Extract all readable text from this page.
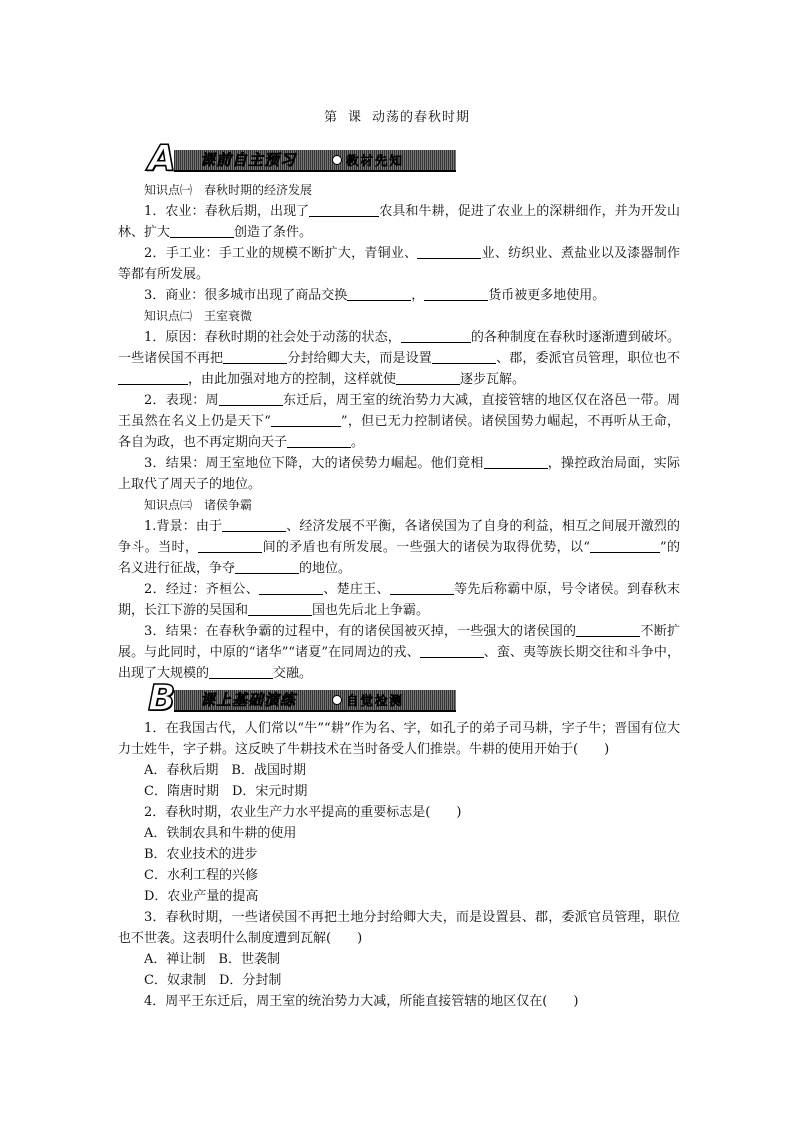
第 课 动荡的春秋时期
A	课前自主预习	教材先知

知识点㈠　春秋时期的经济发展

1．农业：春秋后期，出现了	农具和牛耕，促进了农业上的深耕细作，并为开发山林、扩大	创造了条件。

2．手工业：手工业的规模不断扩大，青铜业、	业、纺织业、煮盐业以及漆器制作等都有所发展。

3．商业：很多城市出现了商品交换	，	货币被更多地使用。

知识点㈡　王室衰微

1．原因：春秋时期的社会处于动荡的状态，	的各种制度在春秋时逐渐遭到破坏。一些诸侯国不再把	分封给卿大夫，而是设置	、郡，委派官员管理，职位也不，由此加强对地方的控制，这样就使	逐步瓦解。

2．表现：周	东迁后，周王室的统治势力大减，直接管辖的地区仅在洛邑一带。周王虽然在名义上仍是天下“	”，但已无力控制诸侯。诸侯国势力崛起，不再听从王命，各自为政，也不再定期向天子	。

3．结果：周王室地位下降，大的诸侯势力崛起。他们竟相	，操控政治局面，实际上取代了周天子的地位。

知识点㈢　诸侯争霸

1.背景：由于	、经济发展不平衡，各诸侯国为了自身的利益，相互之间展开激烈的争斗。当时，	间的矛盾也有所发展。一些强大的诸侯为取得优势，以“	”的名义进行征战，争夺	的地位。

2．经过：齐桓公、	、楚庄王、	等先后称霸中原，号令诸侯。到春秋末期，长江下游的吴国和	国也先后北上争霸。

3．结果：在春秋争霸的过程中，有的诸侯国被灭掉，一些强大的诸侯国的	不断扩展。与此同时，中原的“诸华”“诸夏”在同周边的戎、	、蛮、夷等族长期交往和斗争中，出现了大规模的	交融。

B	课上基础演练	自觉检测

1．在我国古代，人们常以“牛”“耕”作为名、字，如孔子的弟子司马耕，字子牛；晋国有位大力士姓牛，字子耕。这反映了牛耕技术在当时备受人们推崇。牛耕的使用开始于(　　)

A．春秋后期　B．战国时期

C．隋唐时期　D．宋元时期

2．春秋时期，农业生产力水平提高的重要标志是(　　)

A．铁制农具和牛耕的使用

B．农业技术的进步

C．水利工程的兴修

D．农业产量的提高

3．春秋时期，一些诸侯国不再把土地分封给卿大夫，而是设置县、郡，委派官员管理，职位也不世袭。这表明什么制度遭到瓦解(　　)

A．禅让制　B．世袭制

C．奴隶制　D．分封制

4．周平王东迁后，周王室的统治势力大减，所能直接管辖的地区仅在(　　)
